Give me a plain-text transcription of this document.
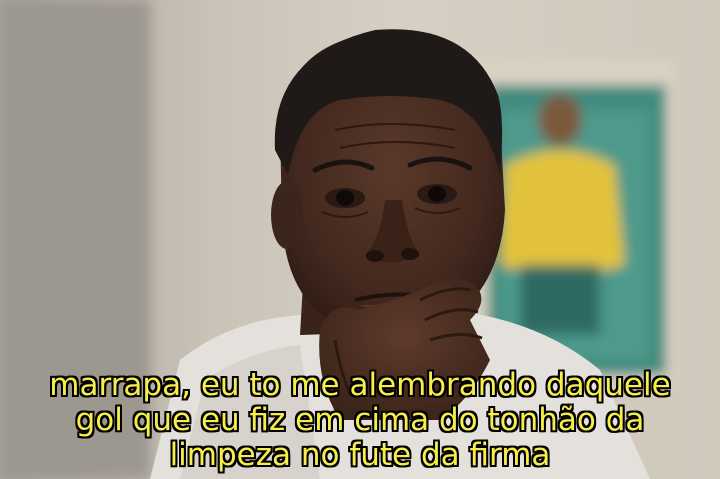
marrapa, eu to me alembrando daquele
gol que eu fiz em cima do tonhão da
limpeza no fute da firma
